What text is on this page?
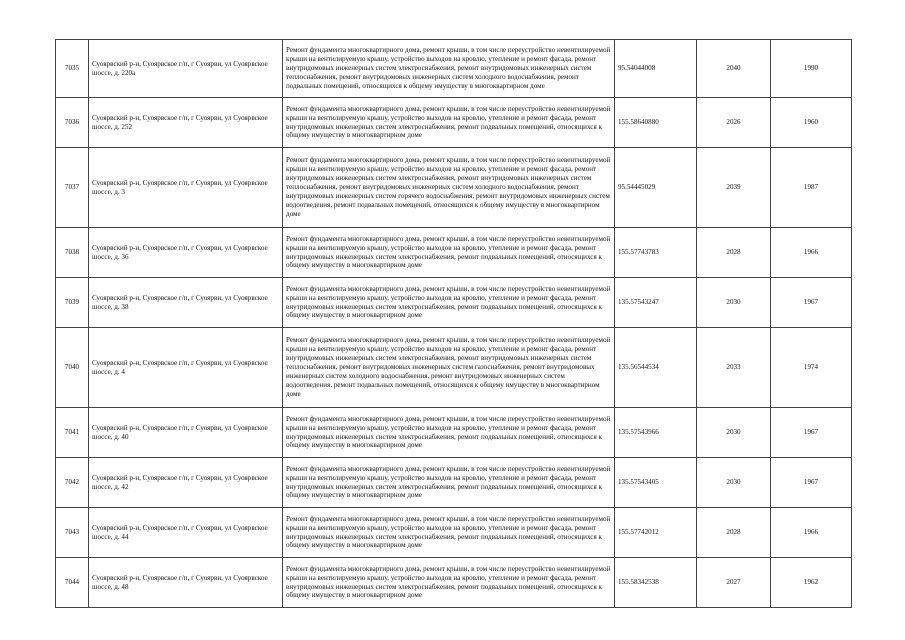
7035	Суоярвский р-н, Суоярвское г/п, г Суоярви, ул Суоярвское шоссе, д. 220а	Ремонт фундамента многоквартирного дома, ремонт крыши, в том числе переустройство невентилируемой крыши на вентилируемую крышу, устройство выходов на кровлю, утепление и ремонт фасада, ремонт внутридомовых инженерных систем электроснабжения, ремонт внутридомовых инженерных систем теплоснабжения, ремонт внутридомовых инженерных систем холодного водоснабжения, ремонт подвальных помещений, относящихся к общему имуществу в многоквартирном доме	95.54044008	2040	1990
7036	Суоярвский р-н, Суоярвское г/п, г Суоярви, ул Суоярвское шоссе, д. 252	Ремонт фундамента многоквартирного дома, ремонт крыши, в том числе переустройство невентилируемой крыши на вентилируемую крышу, устройство выходов на кровлю, утепление и ремонт фасада, ремонт внутридомовых инженерных систем электроснабжения, ремонт подвальных помещений, относящихся к общему имуществу в многоквартирном доме	155.58640880	2026	1960
7037	Суоярвский р-н, Суоярвское г/п, г Суоярви, ул Суоярвское шоссе, д. 3	Ремонт фундамента многоквартирного дома, ремонт крыши, в том числе переустройство невентилируемой крыши на вентилируемую крышу, устройство выходов на кровлю, утепление и ремонт фасада, ремонт внутридомовых инженерных систем электроснабжения, ремонт внутридомовых инженерных систем теплоснабжения, ремонт внутридомовых инженерных систем холодного водоснабжения, ремонт внутридомовых инженерных систем горячего водоснабжения, ремонт внутридомовых инженерных систем водоотведения, ремонт подвальных помещений, относящихся к общему имуществу в многоквартирном доме	95.54445029	2039	1987
7038	Суоярвский р-н, Суоярвское г/п, г Суоярви, ул Суоярвское шоссе, д. 36	Ремонт фундамента многоквартирного дома, ремонт крыши, в том числе переустройство невентилируемой крыши на вентилируемую крышу, устройство выходов на кровлю, утепление и ремонт фасада, ремонт внутридомовых инженерных систем электроснабжения, ремонт подвальных помещений, относящихся к общему имуществу в многоквартирном доме	155.57743783	2028	1966
7039	Суоярвский р-н, Суоярвское г/п, г Суоярви, ул Суоярвское шоссе, д. 38	Ремонт фундамента многоквартирного дома, ремонт крыши, в том числе переустройство невентилируемой крыши на вентилируемую крышу, устройство выходов на кровлю, утепление и ремонт фасада, ремонт внутридомовых инженерных систем электроснабжения, ремонт подвальных помещений, относящихся к общему имуществу в многоквартирном доме	135.57543247	2030	1967
7040	Суоярвский р-н, Суоярвское г/п, г Суоярви, ул Суоярвское шоссе, д. 4	Ремонт фундамента многоквартирного дома, ремонт крыши, в том числе переустройство невентилируемой крыши на вентилируемую крышу, устройство выходов на кровлю, утепление и ремонт фасада, ремонт внутридомовых инженерных систем электроснабжения, ремонт внутридомовых инженерных систем теплоснабжения, ремонт внутридомовых инженерных систем газоснабжения, ремонт внутридомовых инженерных систем холодного водоснабжения, ремонт внутридомовых инженерных систем водоотведения, ремонт подвальных помещений, относящихся к общему имуществу в многоквартирном доме	135.56544534	2033	1974
7041	Суоярвский р-н, Суоярвское г/п, г Суоярви, ул Суоярвское шоссе, д. 40	Ремонт фундамента многоквартирного дома, ремонт крыши, в том числе переустройство невентилируемой крыши на вентилируемую крышу, устройство выходов на кровлю, утепление и ремонт фасада, ремонт внутридомовых инженерных систем электроснабжения, ремонт подвальных помещений, относящихся к общему имуществу в многоквартирном доме	135.57543966	2030	1967
7042	Суоярвский р-н, Суоярвское г/п, г Суоярви, ул Суоярвское шоссе, д. 42	Ремонт фундамента многоквартирного дома, ремонт крыши, в том числе переустройство невентилируемой крыши на вентилируемую крышу, устройство выходов на кровлю, утепление и ремонт фасада, ремонт внутридомовых инженерных систем электроснабжения, ремонт подвальных помещений, относящихся к общему имуществу в многоквартирном доме	135.57543405	2030	1967
7043	Суоярвский р-н, Суоярвское г/п, г Суоярви, ул Суоярвское шоссе, д. 44	Ремонт фундамента многоквартирного дома, ремонт крыши, в том числе переустройство невентилируемой крыши на вентилируемую крышу, устройство выходов на кровлю, утепление и ремонт фасада, ремонт внутридомовых инженерных систем электроснабжения, ремонт подвальных помещений, относящихся к общему имуществу в многоквартирном доме	155.57742012	2028	1966
7044	Суоярвский р-н, Суоярвское г/п, г Суоярви, ул Суоярвское шоссе, д. 48	Ремонт фундамента многоквартирного дома, ремонт крыши, в том числе переустройство невентилируемой крыши на вентилируемую крышу, устройство выходов на кровлю, утепление и ремонт фасада, ремонт внутридомовых инженерных систем электроснабжения, ремонт подвальных помещений, относящихся к общему имуществу в многоквартирном доме	155.58342538	2027	1962
